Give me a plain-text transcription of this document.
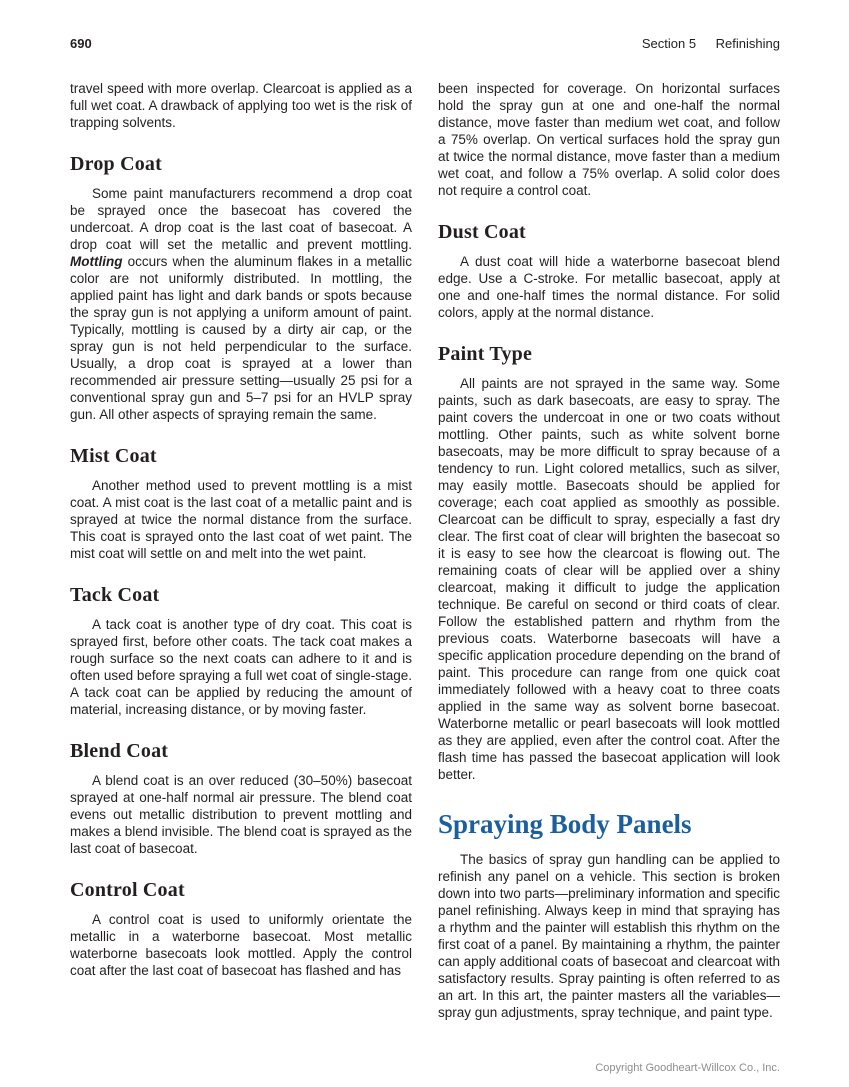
690	Section 5 Refinishing

travel speed with more overlap. Clearcoat is applied as a full wet coat. A drawback of applying too wet is the risk of trapping solvents.

Drop Coat

Some paint manufacturers recommend a drop coat be sprayed once the basecoat has covered the undercoat. A drop coat is the last coat of basecoat. A drop coat will set the metallic and prevent mottling. Mottling occurs when the aluminum flakes in a metallic color are not uniformly distributed. In mottling, the applied paint has light and dark bands or spots because the spray gun is not applying a uniform amount of paint. Typically, mottling is caused by a dirty air cap, or the spray gun is not held perpendicular to the surface. Usually, a drop coat is sprayed at a lower than recommended air pressure setting—usually 25 psi for a conventional spray gun and 5–7 psi for an HVLP spray gun. All other aspects of spraying remain the same.

Mist Coat

Another method used to prevent mottling is a mist coat. A mist coat is the last coat of a metallic paint and is sprayed at twice the normal distance from the surface. This coat is sprayed onto the last coat of wet paint. The mist coat will settle on and melt into the wet paint.

Tack Coat

A tack coat is another type of dry coat. This coat is sprayed first, before other coats. The tack coat makes a rough surface so the next coats can adhere to it and is often used before spraying a full wet coat of single-stage. A tack coat can be applied by reducing the amount of material, increasing distance, or by moving faster.

Blend Coat

A blend coat is an over reduced (30–50%) basecoat sprayed at one-half normal air pressure. The blend coat evens out metallic distribution to prevent mottling and makes a blend invisible. The blend coat is sprayed as the last coat of basecoat.

Control Coat

A control coat is used to uniformly orientate the metallic in a waterborne basecoat. Most metallic waterborne basecoats look mottled. Apply the control coat after the last coat of basecoat has flashed and has

been inspected for coverage. On horizontal surfaces hold the spray gun at one and one-half the normal distance, move faster than medium wet coat, and follow a 75% overlap. On vertical surfaces hold the spray gun at twice the normal distance, move faster than a medium wet coat, and follow a 75% overlap. A solid color does not require a control coat.

Dust Coat

A dust coat will hide a waterborne basecoat blend edge. Use a C-stroke. For metallic basecoat, apply at one and one-half times the normal distance. For solid colors, apply at the normal distance.

Paint Type

All paints are not sprayed in the same way. Some paints, such as dark basecoats, are easy to spray. The paint covers the undercoat in one or two coats without mottling. Other paints, such as white solvent borne basecoats, may be more difficult to spray because of a tendency to run. Light colored metallics, such as silver, may easily mottle. Basecoats should be applied for coverage; each coat applied as smoothly as possible. Clearcoat can be difficult to spray, especially a fast dry clear. The first coat of clear will brighten the basecoat so it is easy to see how the clearcoat is flowing out. The remaining coats of clear will be applied over a shiny clearcoat, making it difficult to judge the application technique. Be careful on second or third coats of clear. Follow the established pattern and rhythm from the previous coats. Waterborne basecoats will have a specific application procedure depending on the brand of paint. This procedure can range from one quick coat immediately followed with a heavy coat to three coats applied in the same way as solvent borne basecoat. Waterborne metallic or pearl basecoats will look mottled as they are applied, even after the control coat. After the flash time has passed the basecoat application will look better.

Spraying Body Panels

The basics of spray gun handling can be applied to refinish any panel on a vehicle. This section is broken down into two parts—preliminary information and specific panel refinishing. Always keep in mind that spraying has a rhythm and the painter will establish this rhythm on the first coat of a panel. By maintaining a rhythm, the painter can apply additional coats of basecoat and clearcoat with satisfactory results. Spray painting is often referred to as an art. In this art, the painter masters all the variables—spray gun adjustments, spray technique, and paint type.

Copyright Goodheart-Willcox Co., Inc.
